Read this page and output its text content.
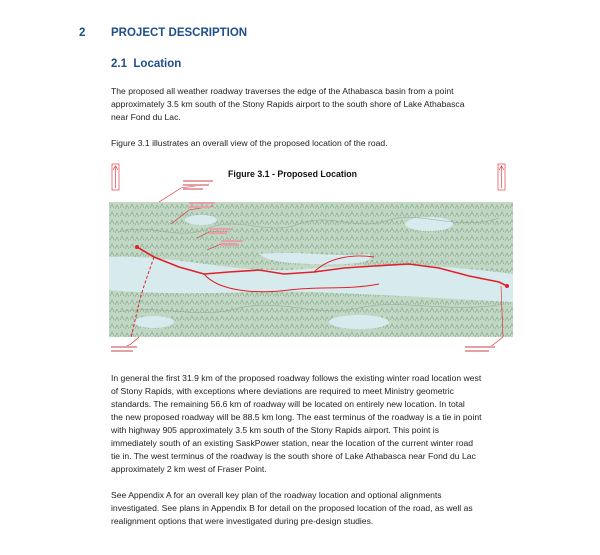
2 PROJECT DESCRIPTION
2.1 Location
The proposed all weather roadway traverses the edge of the Athabasca basin from a point
approximately 3.5 km south of the Stony Rapids airport to the south shore of Lake Athabasca
near Fond du Lac.
Figure 3.1 illustrates an overall view of the proposed location of the road.
Figure 3.1 - Proposed Location
In general the first 31.9 km of the proposed roadway follows the existing winter road location west
of Stony Rapids, with exceptions where deviations are required to meet Ministry geometric
standards. The remaining 56.6 km of roadway will be located on entirely new location. In total
the new proposed roadway will be 88.5 km long. The east terminus of the roadway is a tie in point
with highway 905 approximately 3.5 km south of the Stony Rapids airport. This point is
immediately south of an existing SaskPower station, near the location of the current winter road
tie in. The west terminus of the roadway is the south shore of Lake Athabasca near Fond du Lac
approximately 2 km west of Fraser Point.
See Appendix A for an overall key plan of the roadway location and optional alignments
investigated. See plans in Appendix B for detail on the proposed location of the road, as well as
realignment options that were investigated during pre-design studies.
